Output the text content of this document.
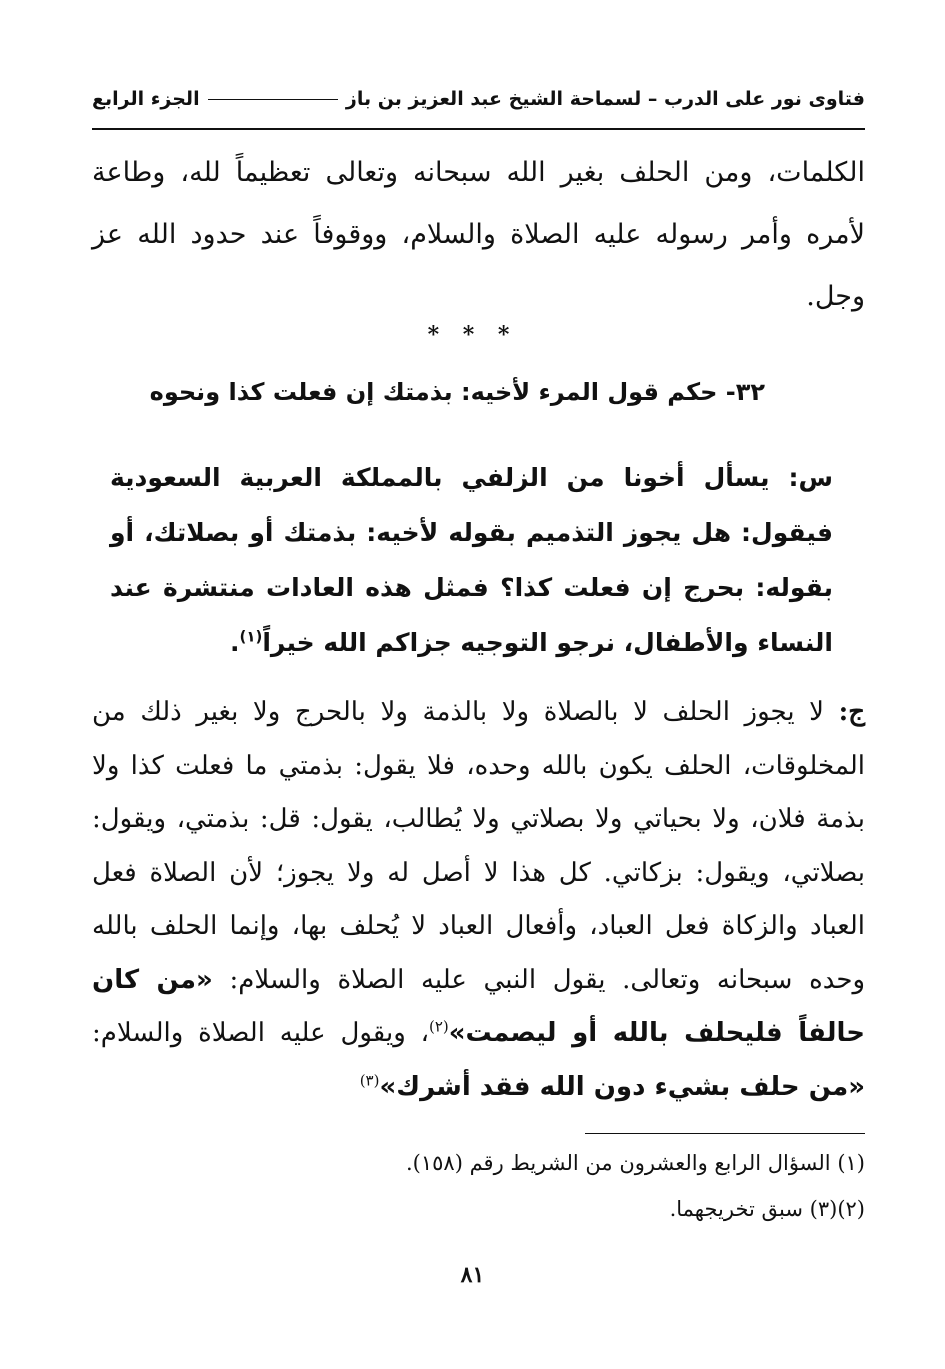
فتاوى نور على الدرب – لسماحة الشيخ عبد العزيز بن باز
الجزء الرابع

الكلمات، ومن الحلف بغير الله سبحانه وتعالى تعظيماً لله، وطاعة لأمره وأمر رسوله عليه الصلاة والسلام، ووقوفاً عند حدود الله عز وجل.

* * *
٣٢- حكم قول المرء لأخيه: بذمتك إن فعلت كذا ونحوه

س: يسأل أخونا من الزلفي بالمملكة العربية السعودية فيقول: هل يجوز التذميم بقوله لأخيه: بذمتك أو بصلاتك، أو بقوله: بحرج إن فعلت كذا؟ فمثل هذه العادات منتشرة عند النساء والأطفال، نرجو التوجيه جزاكم الله خيراً$^{(١)}$.

ج: لا يجوز الحلف لا بالصلاة ولا بالذمة ولا بالحرج ولا بغير ذلك من المخلوقات، الحلف يكون بالله وحده، فلا يقول: بذمتي ما فعلت كذا ولا بذمة فلان، ولا بحياتي ولا بصلاتي ولا يُطالب، يقول: قل: بذمتي، ويقول: بصلاتي، ويقول: بزكاتي. كل هذا لا أصل له ولا يجوز؛ لأن الصلاة فعل العباد والزكاة فعل العباد، وأفعال العباد لا يُحلف بها، وإنما الحلف بالله وحده سبحانه وتعالى. يقول النبي عليه الصلاة والسلام: «من كان حالفاً فليحلف بالله أو ليصمت»$^{(٢)}$، ويقول عليه الصلاة والسلام: «من حلف بشيء دون الله فقد أشرك»$^{(٣)}$

(١) السؤال الرابع والعشرون من الشريط رقم (١٥٨).
(٢)(٣) سبق تخريجهما.
٨١
